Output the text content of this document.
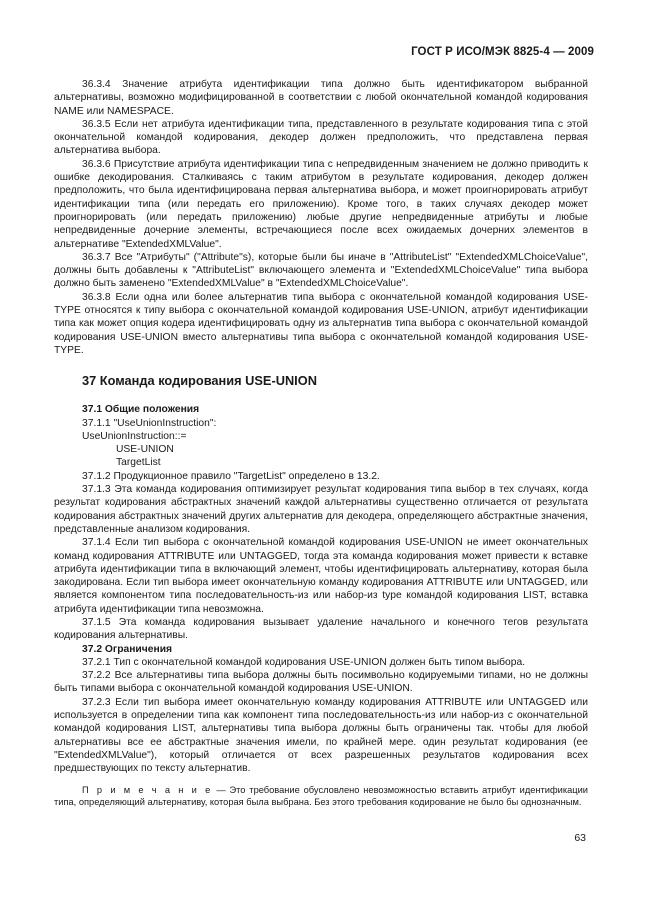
ГОСТ Р ИСО/МЭК 8825-4 — 2009

36.3.4 Значение атрибута идентификации типа должно быть идентификатором выбранной альтернативы, возможно модифицированной в соответствии с любой окончательной командой кодирования NAME или NAMESPACE.

36.3.5 Если нет атрибута идентификации типа, представленного в результате кодирования типа с этой окончательной командой кодирования, декодер должен предположить, что представлена первая альтернатива выбора.

36.3.6 Присутствие атрибута идентификации типа с непредвиденным значением не должно приводить к ошибке декодирования. Сталкиваясь с таким атрибутом в результате кодирования, декодер должен предположить, что была идентифицирована первая альтернатива выбора, и может проигнорировать атрибут идентификации типа (или передать его приложению). Кроме того, в таких случаях декодер может проигнорировать (или передать приложению) любые другие непредвиденные атрибуты и любые непредвиденные дочерние элементы, встречающиеся после всех ожидаемых дочерних элементов в альтернативе "ExtendedXMLValue".

36.3.7 Все "Атрибуты" ("Attribute"s), которые были бы иначе в "AttributeList" "ExtendedXMLChoiceValue", должны быть добавлены к "AttributeList" включающего элемента и "ExtendedXMLChoiceValue" типа выбора должно быть заменено "ExtendedXMLValue" в "ExtendedXMLChoiceValue".

36.3.8 Если одна или более альтернатив типа выбора с окончательной командой кодирования USE-TYPE относятся к типу выбора с окончательной командой кодирования USE-UNION, атрибут идентификации типа как может опция кодера идентифицировать одну из альтернатив типа выбора с окончательной командой кодирования USE-UNION вместо альтернативы типа выбора с окончательной командой кодирования USE-TYPE.

37 Команда кодирования USE-UNION

37.1 Общие положения

37.1.1 "UseUnionInstruction":

UseUnionInstruction::=

USE-UNION

TargetList

37.1.2 Продукционное правило "TargetList" определено в 13.2.

37.1.3 Эта команда кодирования оптимизирует результат кодирования типа выбор в тех случаях, когда результат кодирования абстрактных значений каждой альтернативы существенно отличается от результата кодирования абстрактных значений других альтернатив для декодера, определяющего абстрактные значения, представленные анализом кодирования.

37.1.4 Если тип выбора с окончательной командой кодирования USE-UNION не имеет окончательных команд кодирования ATTRIBUTE или UNTAGGED, тогда эта команда кодирования может привести к вставке атрибута идентификации типа в включающий элемент, чтобы идентифицировать альтернативу, которая была закодирована. Если тип выбора имеет окончательную команду кодирования ATTRIBUTE или UNTAGGED, или является компонентом типа последовательность-из или набор-из type командой кодирования LIST, вставка атрибута идентификации типа невозможна.

37.1.5 Эта команда кодирования вызывает удаление начального и конечного тегов результата кодирования альтернативы.

37.2 Ограничения

37.2.1 Тип с окончательной командой кодирования USE-UNION должен быть типом выбора.

37.2.2 Все альтернативы типа выбора должны быть посимвольно кодируемыми типами, но не должны быть типами выбора с окончательной командой кодирования USE-UNION.

37.2.3 Если тип выбора имеет окончательную команду кодирования ATTRIBUTE или UNTAGGED или используется в определении типа как компонент типа последовательность-из или набор-из с окончательной командой кодирования LIST, альтернативы типа выбора должны быть ограничены так. чтобы для любой альтернативы все ее абстрактные значения имели, по крайней мере. один результат кодирования (ее "ExtendedXMLValue"), который отличается от всех разрешенных результатов кодирования всех предшествующих по тексту альтернатив.

П р и м е ч а н и е — Это требование обусловлено невозможностью вставить атрибут идентификации типа, определяющий альтернативу, которая была выбрана. Без этого требования кодирование не было бы однозначным.

63
